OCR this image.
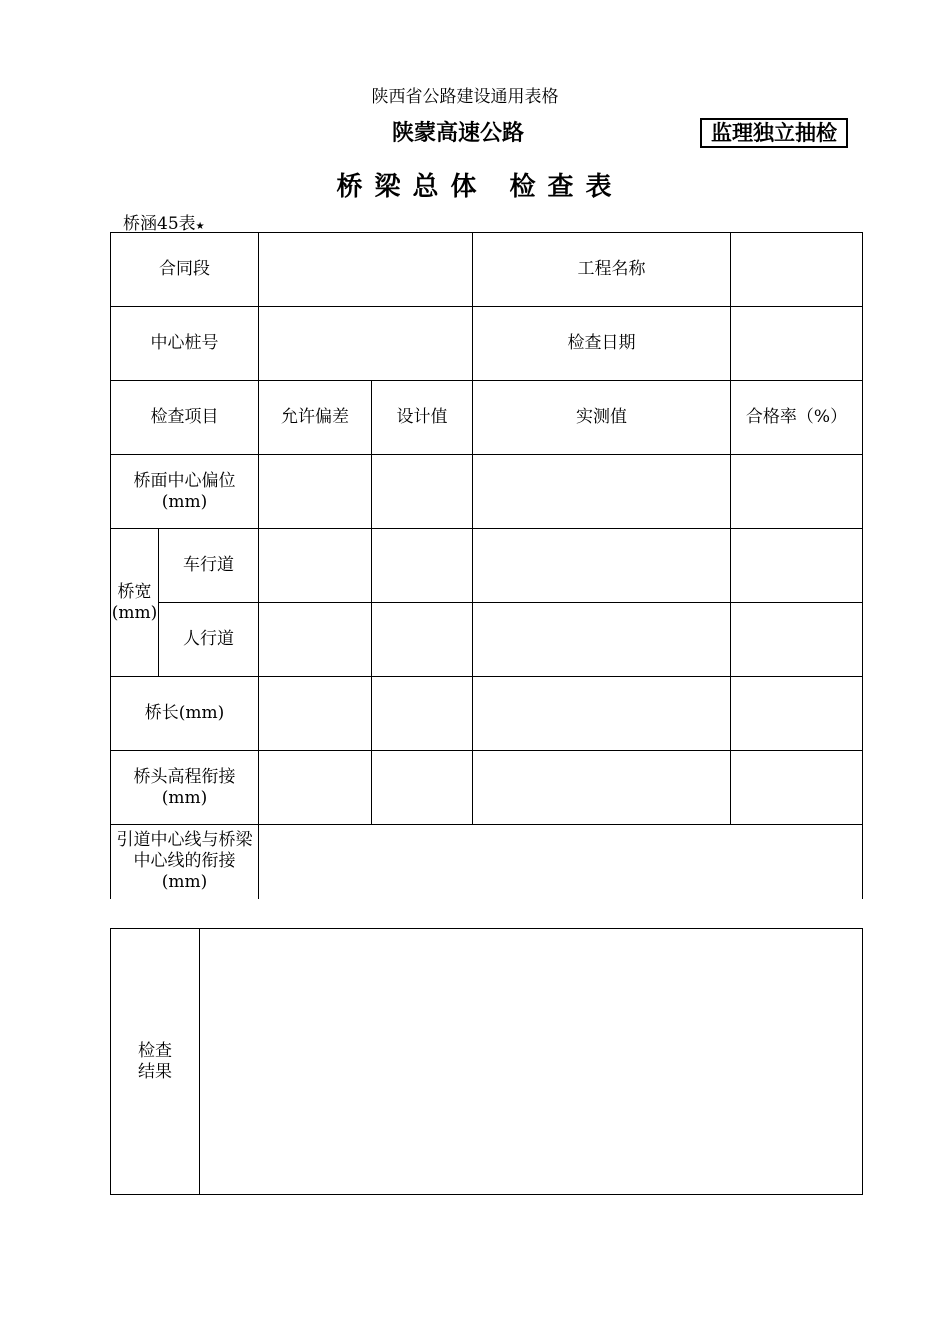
陕西省公路建设通用表格
陕蒙高速公路	监理独立抽检
桥梁总体 检查表
桥涵45表★
合同段				工程名称	
中心桩号				检查日期	
检查项目		允许偏差	设计值	实测值	合格率（%）
桥面中心偏位(mm)					
桥宽(mm)	车行道				
	人行道				
桥长(mm)					
桥头高程衔接(mm)					
引道中心线与桥梁中心线的衔接(mm)					
检查结果	
